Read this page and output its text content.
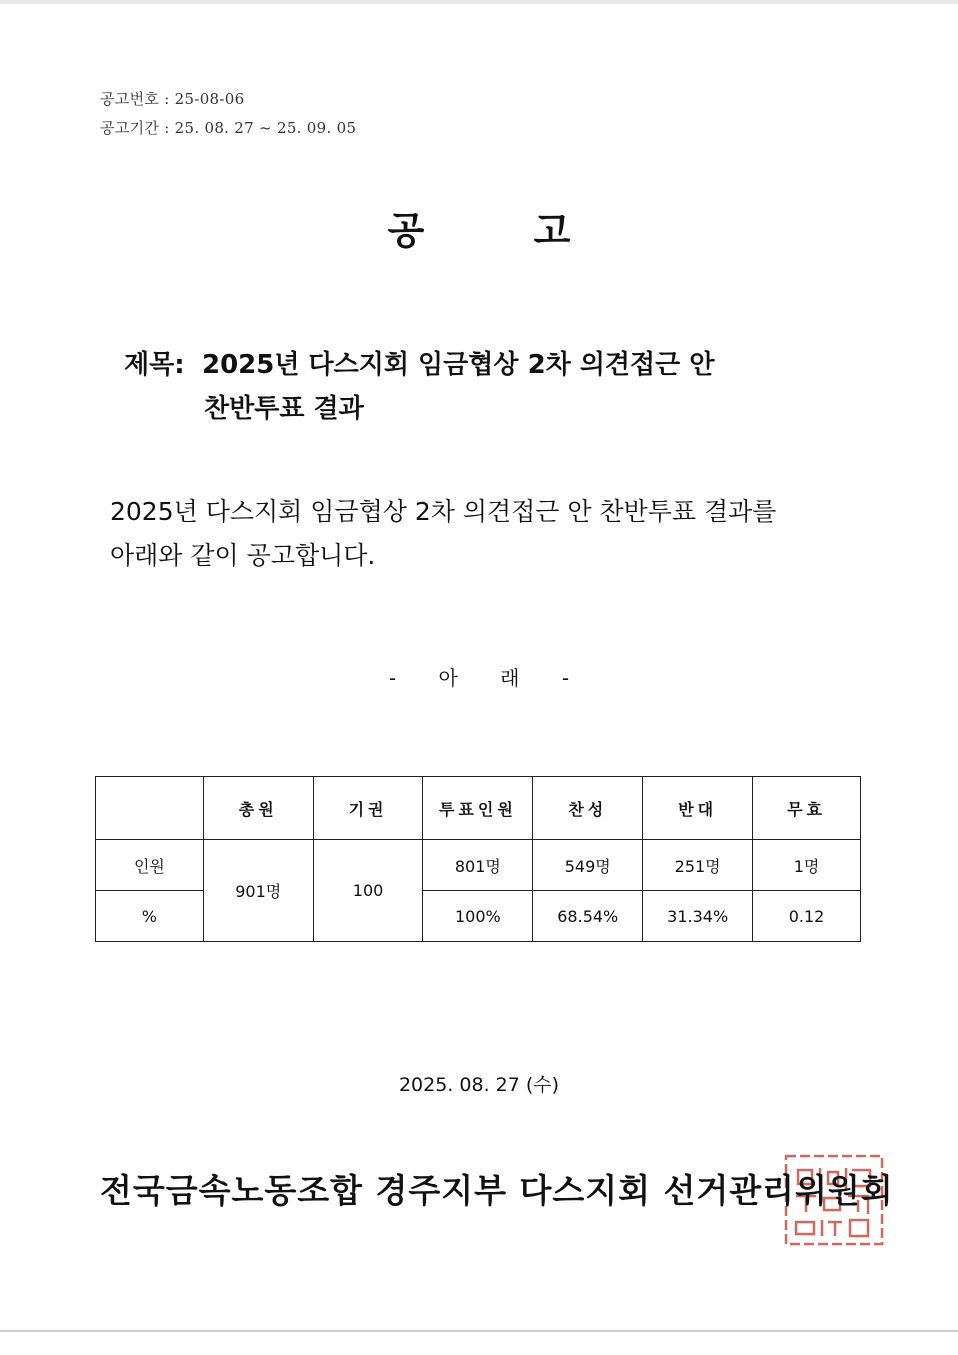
공고번호 : 25-08-06
공고기간 : 25. 08. 27 ~ 25. 09. 05
공 고
제목: 2025년 다스지회 임금협상 2차 의견접근 안
찬반투표 결과
2025년 다스지회 임금협상 2차 의견접근 안 찬반투표 결과를
아래와 같이 공고합니다.
- 아 래 -
	총원	기권	투표인원	찬성	반대	무효
인원	901명	100	801명	549명	251명	1명
%			100%	68.54%	31.34%	0.12
2025. 08. 27 (수)
전국금속노동조합 경주지부 다스지회 선거관리위원회
